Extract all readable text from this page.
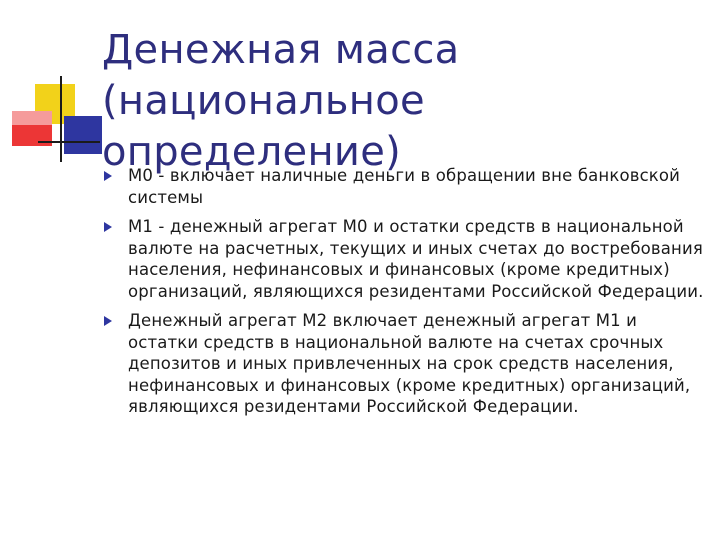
Денежная масса (национальное определение)
М0 - включает наличные деньги в обращении вне банковской системы
М1 - денежный агрегат М0 и остатки средств в национальной валюте на расчетных, текущих и иных счетах до востребования населения, нефинансовых и финансовых (кроме кредитных) организаций, являющихся резидентами Российской Федерации.
Денежный агрегат М2 включает денежный агрегат М1 и остатки средств в национальной валюте на счетах срочных депозитов и иных привлеченных на срок средств населения, нефинансовых и финансовых (кроме кредитных) организаций, являющихся резидентами Российской Федерации.
